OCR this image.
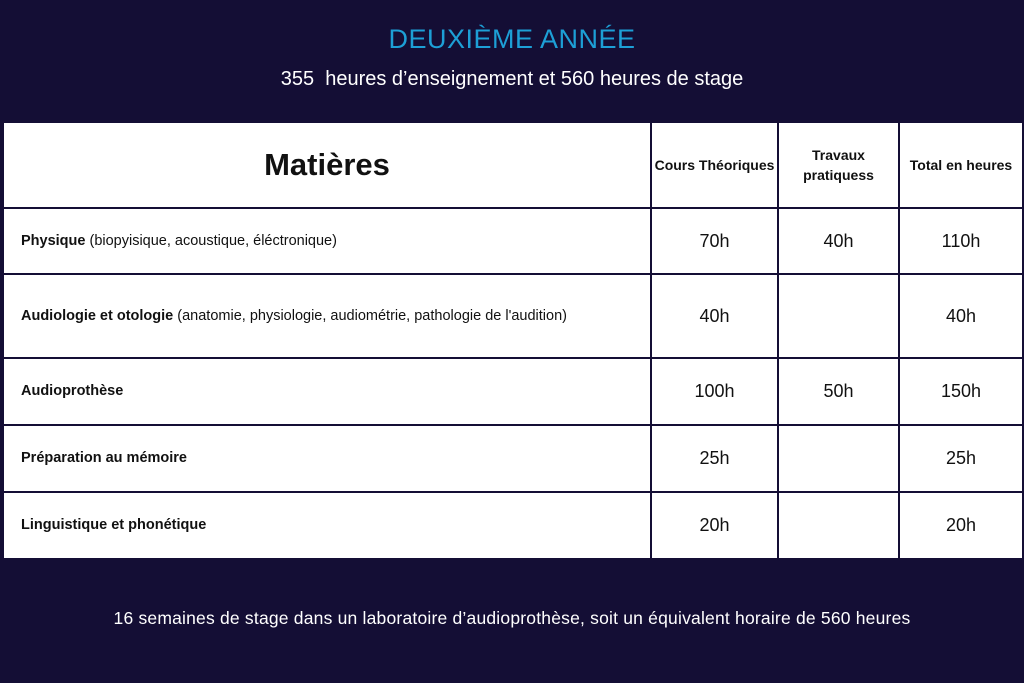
DEUXIÈME ANNÉE
355  heures d’enseignement et 560 heures de stage
Matières	Cours Théoriques	Travaux pratiquess	Total en heures
Physique (biopyisique, acoustique, éléctronique)	70h	40h	110h
Audiologie et otologie (anatomie, physiologie, audiométrie, pathologie de l'audition)	40h		40h
Audioprothèse	100h	50h	150h
Préparation au mémoire	25h		25h
Linguistique et phonétique	20h		20h
16 semaines de stage dans un laboratoire d’audioprothèse, soit un équivalent horaire de 560 heures
